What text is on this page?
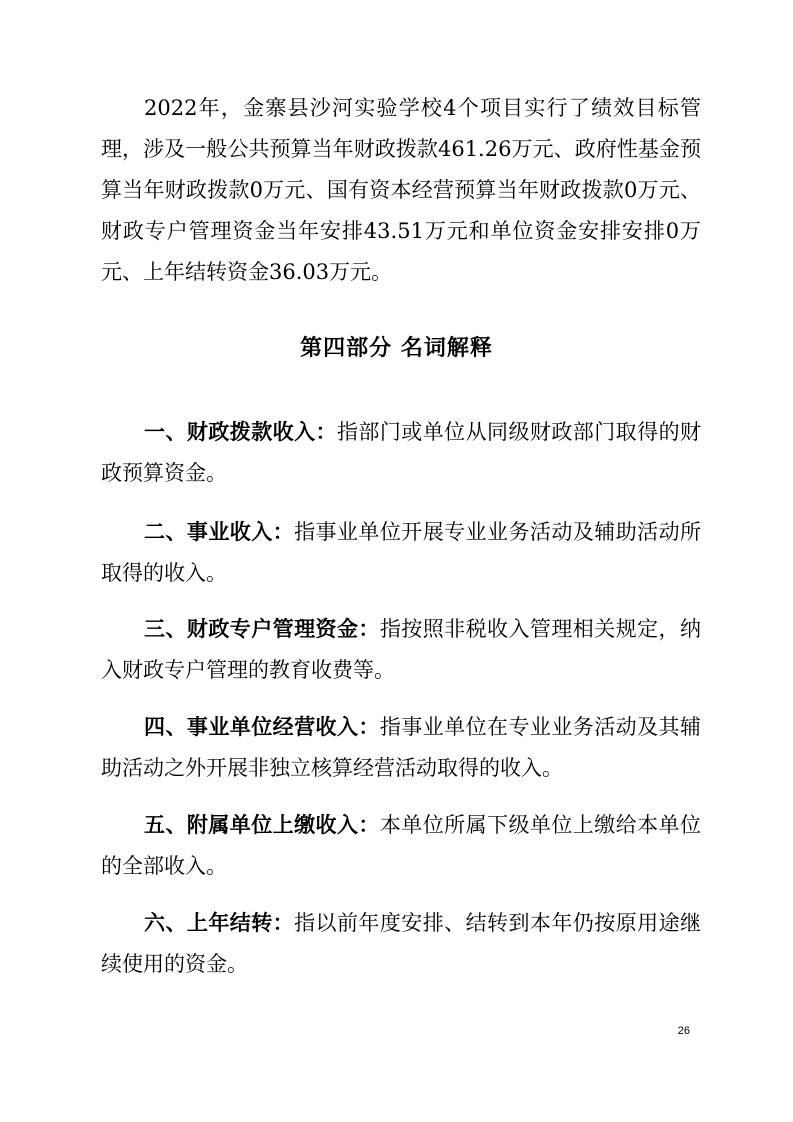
2022年，金寨县沙河实验学校4个项目实行了绩效目标管理，涉及一般公共预算当年财政拨款461.26万元、政府性基金预算当年财政拨款0万元、国有资本经营预算当年财政拨款0万元、财政专户管理资金当年安排43.51万元和单位资金安排安排0万元、上年结转资金36.03万元。

第四部分 名词解释

一、财政拨款收入：指部门或单位从同级财政部门取得的财政预算资金。

二、事业收入：指事业单位开展专业业务活动及辅助活动所取得的收入。

三、财政专户管理资金：指按照非税收入管理相关规定，纳入财政专户管理的教育收费等。

四、事业单位经营收入：指事业单位在专业业务活动及其辅助活动之外开展非独立核算经营活动取得的收入。

五、附属单位上缴收入：本单位所属下级单位上缴给本单位的全部收入。

六、上年结转：指以前年度安排、结转到本年仍按原用途继续使用的资金。

26
